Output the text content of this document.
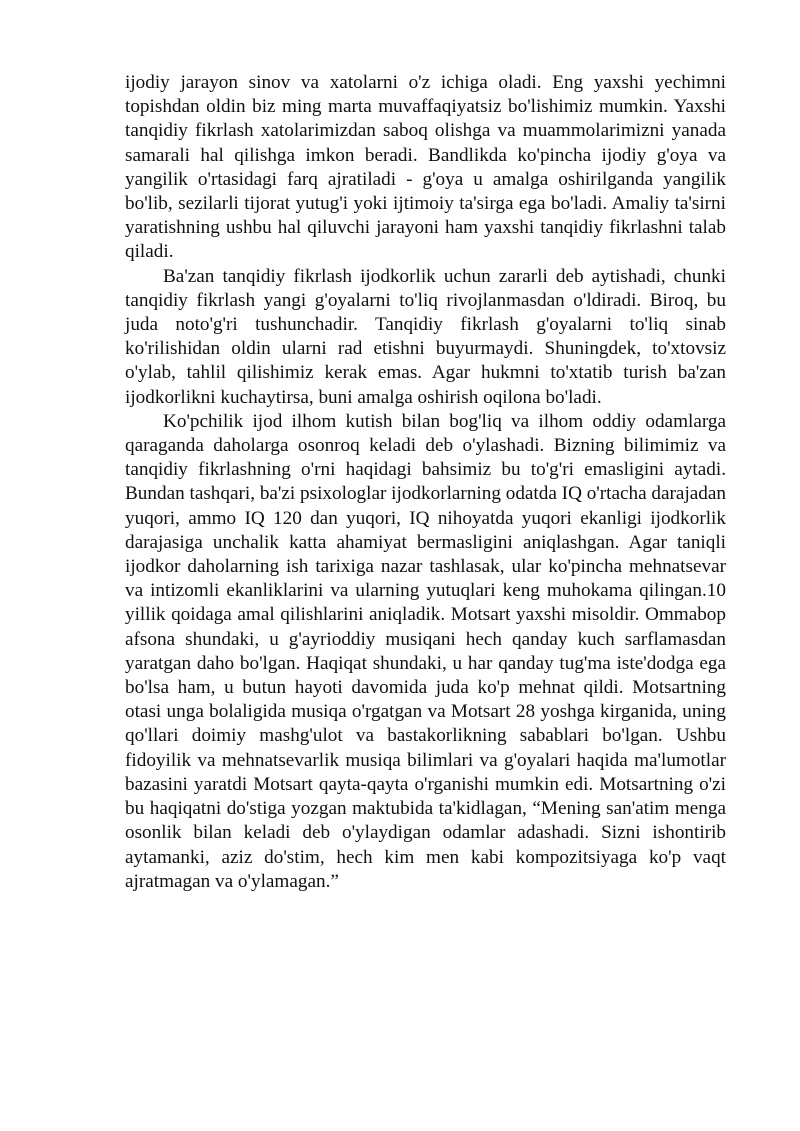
ijodiy jarayon sinov va xatolarni o'z ichiga oladi. Eng yaxshi yechimni topishdan oldin biz ming marta muvaffaqiyatsiz bo'lishimiz mumkin. Yaxshi tanqidiy fikrlash xatolarimizdan saboq olishga va muammolarimizni yanada samarali hal qilishga imkon beradi. Bandlikda ko'pincha ijodiy g'oya va yangilik o'rtasidagi farq ajratiladi - g'oya u amalga oshirilganda yangilik bo'lib, sezilarli tijorat yutug'i yoki ijtimoiy ta'sirga ega bo'ladi. Amaliy ta'sirni yaratishning ushbu hal qiluvchi jarayoni ham yaxshi tanqidiy fikrlashni talab qiladi.

Ba'zan tanqidiy fikrlash ijodkorlik uchun zararli deb aytishadi, chunki tanqidiy fikrlash yangi g'oyalarni to'liq rivojlanmasdan o'ldiradi. Biroq, bu juda noto'g'ri tushunchadir. Tanqidiy fikrlash g'oyalarni to'liq sinab ko'rilishidan oldin ularni rad etishni buyurmaydi. Shuningdek, to'xtovsiz o'ylab, tahlil qilishimiz kerak emas. Agar hukmni to'xtatib turish ba'zan ijodkorlikni kuchaytirsa, buni amalga oshirish oqilona bo'ladi.

Ko'pchilik ijod ilhom kutish bilan bog'liq va ilhom oddiy odamlarga qaraganda daholarga osonroq keladi deb o'ylashadi. Bizning bilimimiz va tanqidiy fikrlashning o'rni haqidagi bahsimiz bu to'g'ri emasligini aytadi. Bundan tashqari, ba'zi psixologlar ijodkorlarning odatda IQ o'rtacha darajadan yuqori, ammo IQ 120 dan yuqori, IQ nihoyatda yuqori ekanligi ijodkorlik darajasiga unchalik katta ahamiyat bermasligini aniqlashgan. Agar taniqli ijodkor daholarning ish tarixiga nazar tashlasak, ular ko'pincha mehnatsevar va intizomli ekanliklarini va ularning yutuqlari keng muhokama qilingan.10 yillik qoidaga amal qilishlarini aniqladik. Motsart yaxshi misoldir. Ommabop afsona shundaki, u g'ayrioddiy musiqani hech qanday kuch sarflamasdan yaratgan daho bo'lgan. Haqiqat shundaki, u har qanday tug'ma iste'dodga ega bo'lsa ham, u butun hayoti davomida juda ko'p mehnat qildi. Motsartning otasi unga bolaligida musiqa o'rgatgan va Motsart 28 yoshga kirganida, uning qo'llari doimiy mashg'ulot va bastakorlikning sabablari bo'lgan. Ushbu fidoyilik va mehnatsevarlik musiqa bilimlari va g'oyalari haqida ma'lumotlar bazasini yaratdi Motsart qayta-qayta o'rganishi mumkin edi. Motsartning o'zi bu haqiqatni do'stiga yozgan maktubida ta'kidlagan, “Mening san'atim menga osonlik bilan keladi deb o'ylaydigan odamlar adashadi. Sizni ishontirib aytamanki, aziz do'stim, hech kim men kabi kompozitsiyaga ko'p vaqt ajratmagan va o'ylamagan.”
